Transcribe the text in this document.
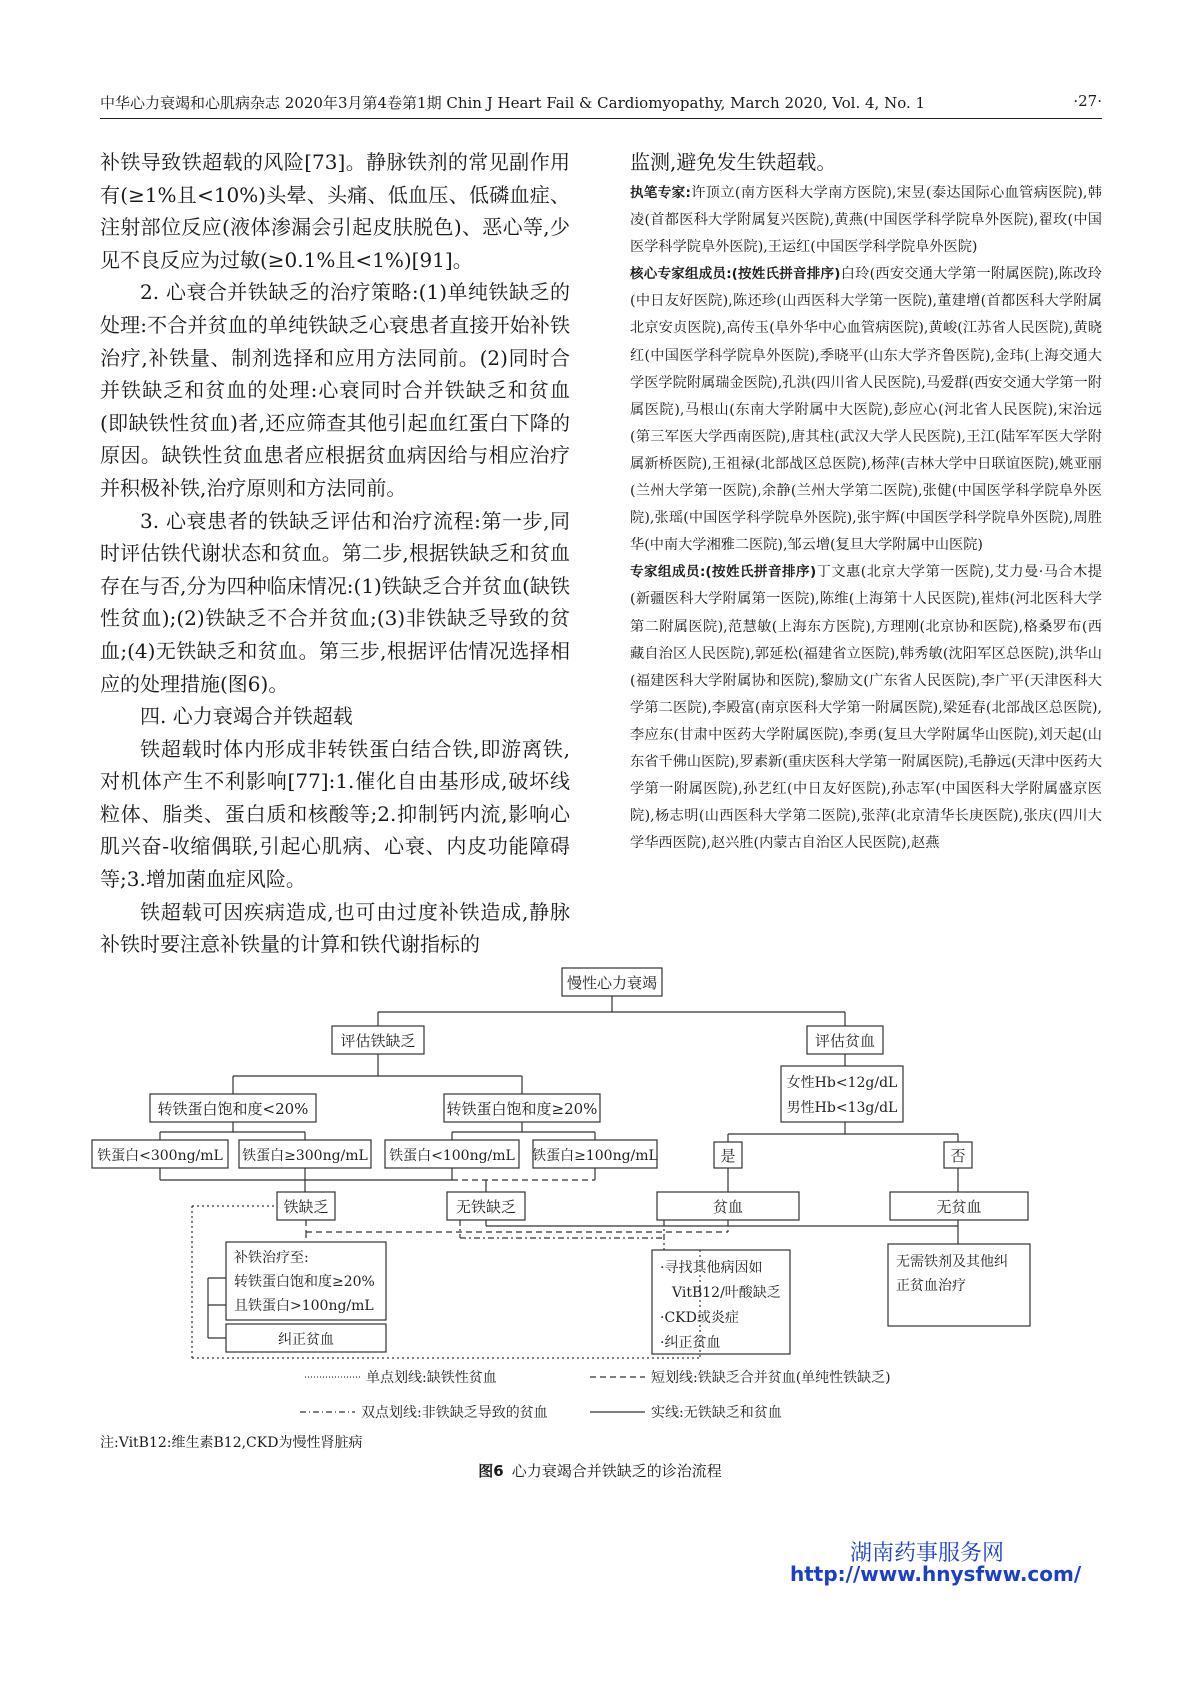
中华心力衰竭和心肌病杂志 2020年3月第4卷第1期 Chin J Heart Fail & Cardiomyopathy, March 2020, Vol. 4, No. 1	·27·

补铁导致铁超载的风险[73]。静脉铁剂的常见副作用有(≥1%且<10%)头晕、头痛、低血压、低磷血症、注射部位反应(液体渗漏会引起皮肤脱色)、恶心等,少见不良反应为过敏(≥0.1%且<1%)[91]。

2. 心衰合并铁缺乏的治疗策略:(1)单纯铁缺乏的处理:不合并贫血的单纯铁缺乏心衰患者直接开始补铁治疗,补铁量、制剂选择和应用方法同前。(2)同时合并铁缺乏和贫血的处理:心衰同时合并铁缺乏和贫血(即缺铁性贫血)者,还应筛查其他引起血红蛋白下降的原因。缺铁性贫血患者应根据贫血病因给与相应治疗并积极补铁,治疗原则和方法同前。

3. 心衰患者的铁缺乏评估和治疗流程:第一步,同时评估铁代谢状态和贫血。第二步,根据铁缺乏和贫血存在与否,分为四种临床情况:(1)铁缺乏合并贫血(缺铁性贫血);(2)铁缺乏不合并贫血;(3)非铁缺乏导致的贫血;(4)无铁缺乏和贫血。第三步,根据评估情况选择相应的处理措施(图6)。

四. 心力衰竭合并铁超载

铁超载时体内形成非转铁蛋白结合铁,即游离铁,对机体产生不利影响[77]:1.催化自由基形成,破坏线粒体、脂类、蛋白质和核酸等;2.抑制钙内流,影响心肌兴奋-收缩偶联,引起心肌病、心衰、内皮功能障碍等;3.增加菌血症风险。

铁超载可因疾病造成,也可由过度补铁造成,静脉补铁时要注意补铁量的计算和铁代谢指标的

监测,避免发生铁超载。

执笔专家:许顶立(南方医科大学南方医院),宋昱(泰达国际心血管病医院),韩凌(首都医科大学附属复兴医院),黄燕(中国医学科学院阜外医院),翟玫(中国医学科学院阜外医院),王运红(中国医学科学院阜外医院)

核心专家组成员:(按姓氏拼音排序)白玲(西安交通大学第一附属医院),陈改玲(中日友好医院),陈还珍(山西医科大学第一医院),董建增(首都医科大学附属北京安贞医院),高传玉(阜外华中心血管病医院),黄峻(江苏省人民医院),黄晓红(中国医学科学院阜外医院),季晓平(山东大学齐鲁医院),金玮(上海交通大学医学院附属瑞金医院),孔洪(四川省人民医院),马爱群(西安交通大学第一附属医院),马根山(东南大学附属中大医院),彭应心(河北省人民医院),宋治远(第三军医大学西南医院),唐其柱(武汉大学人民医院),王江(陆军军医大学附属新桥医院),王祖禄(北部战区总医院),杨萍(吉林大学中日联谊医院),姚亚丽(兰州大学第一医院),余静(兰州大学第二医院),张健(中国医学科学院阜外医院),张瑶(中国医学科学院阜外医院),张宇辉(中国医学科学院阜外医院),周胜华(中南大学湘雅二医院),邹云增(复旦大学附属中山医院)

专家组成员:(按姓氏拼音排序)丁文惠(北京大学第一医院),艾力曼·马合木提(新疆医科大学附属第一医院),陈维(上海第十人民医院),崔炜(河北医科大学第二附属医院),范慧敏(上海东方医院),方理刚(北京协和医院),格桑罗布(西藏自治区人民医院),郭延松(福建省立医院),韩秀敏(沈阳军区总医院),洪华山(福建医科大学附属协和医院),黎励文(广东省人民医院),李广平(天津医科大学第二医院),李殿富(南京医科大学第一附属医院),梁延春(北部战区总医院),李应东(甘肃中医药大学附属医院),李勇(复旦大学附属华山医院),刘天起(山东省千佛山医院),罗素新(重庆医科大学第一附属医院),毛静远(天津中医药大学第一附属医院),孙艺红(中日友好医院),孙志军(中国医科大学附属盛京医院),杨志明(山西医科大学第二医院),张萍(北京清华长庚医院),张庆(四川大学华西医院),赵兴胜(内蒙古自治区人民医院),赵燕

慢性心力衰竭
评估铁缺乏	评估贫血
转铁蛋白饱和度<20%	转铁蛋白饱和度≥20%
铁蛋白<300ng/mL 铁蛋白≥300ng/mL 铁蛋白<100ng/mL 铁蛋白≥100ng/mL
铁缺乏	无铁缺乏
女性Hb<12g/dL
男性Hb<13g/dL
是	否
贫血	无贫血
补铁治疗至:
转铁蛋白饱和度≥20%
且铁蛋白>100ng/mL
纠正贫血
·寻找其他病因如
VitB12/叶酸缺乏
·CKD或炎症
·纠正贫血
无需铁剂及其他纠
正贫血治疗
单点划线:缺铁性贫血	短划线:铁缺乏合并贫血(单纯性铁缺乏)
双点划线:非铁缺乏导致的贫血	实线:无铁缺乏和贫血
注:VitB12:维生素B12,CKD为慢性肾脏病
图6 心力衰竭合并铁缺乏的诊治流程
湖南药事服务网
http://www.hnysfww.com/
